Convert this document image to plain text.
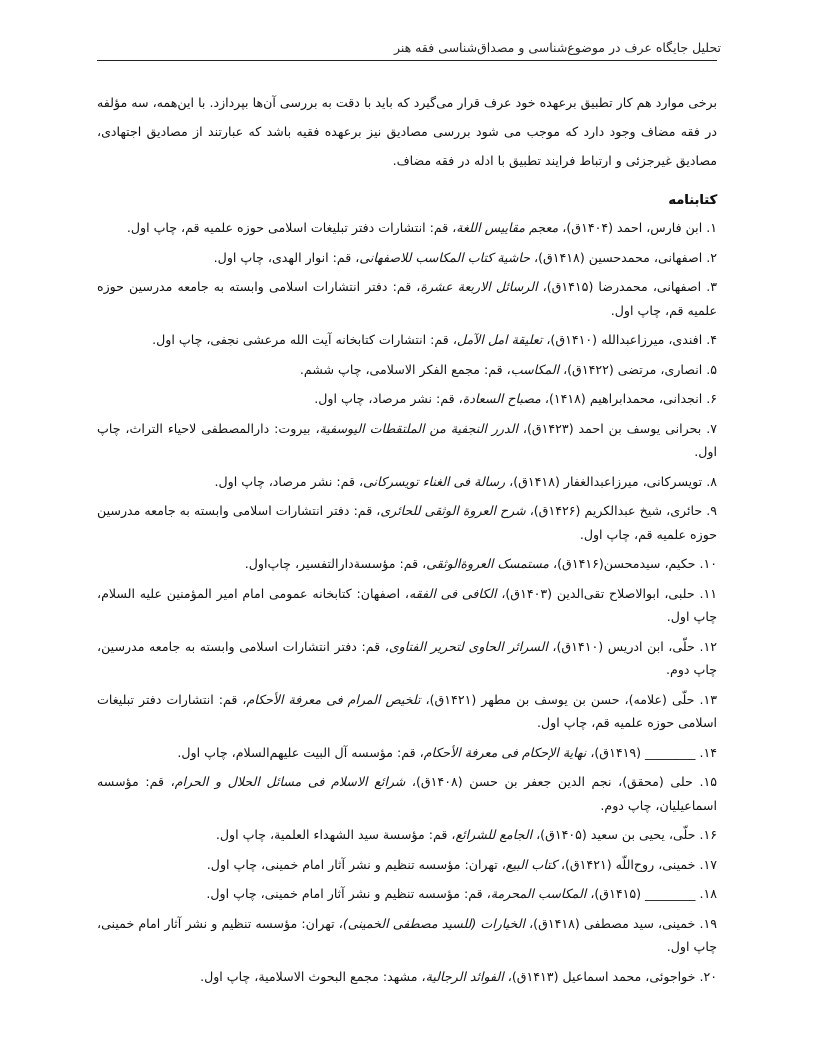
تحلیل جایگاه عرف در موضوع‌شناسی و مصداق‌شناسی فقه هنر

برخی موارد هم کار تطبیق برعهده خود عرف قرار می‌گیرد که باید با دقت به بررسی آن‌ها بپردازد. با این‌همه، سه مؤلفه در فقه مضاف وجود دارد که موجب می شود بررسی مصادیق نیز برعهده فقیه باشد که عبارتند از مصادیق اجتهادی، مصادیق غیرجزئی و ارتباط فرایند تطبیق با ادله در فقه مضاف.

کتابنامه
۱. ابن فارس، احمد (۱۴۰۴ق)، معجم مقاییس اللغة، قم: انتشارات دفتر تبلیغات اسلامی حوزه علمیه قم، چاپ اول.
۲. اصفهانی، محمدحسین (۱۴۱۸ق)، حاشیة کتاب المکاسب للاصفهانی، قم: انوار الهدی، چاپ اول.
۳. اصفهانی، محمدرضا (۱۴۱۵ق)، الرسائل الاربعة عشرة، قم: دفتر انتشارات اسلامی وابسته به جامعه مدرسین حوزه علمیه قم، چاپ اول.
۴. افندی، میرزاعبدالله (۱۴۱۰ق)، تعلیقة امل الآمل، قم: انتشارات کتابخانه آیت الله مرعشی نجفی، چاپ اول.
۵. انصاری، مرتضی (۱۴۲۲ق)، المکاسب، قم: مجمع الفکر الاسلامی، چاپ ششم.
۶. انجدانی، محمدابراهیم (۱۴۱۸)، مصباح السعادة، قم: نشر مرصاد، چاپ اول.
۷. بحرانی یوسف بن احمد (۱۴۲۳ق)، الدرر النجفیة من الملتقطات الیوسفیة، بیروت: دارالمصطفی لاحیاء التراث، چاپ اول.
۸. تویسرکانی، میرزاعبدالغفار (۱۴۱۸ق)، رسالة فی الغناء تویسرکانی، قم: نشر مرصاد، چاپ اول.
۹. حائری، شیخ عبدالکریم (۱۴۲۶ق)، شرح العروة الوثقی للحائری، قم: دفتر انتشارات اسلامی وابسته به جامعه مدرسین حوزه علمیه قم، چاپ اول.
۱۰. حکیم، سیدمحسن(۱۴۱۶ق)، مستمسک العروةالوثقی، قم: مؤسسةدارالتفسیر، چاپ‌اول.
۱۱. حلبی، ابوالاصلاح تقی‌الدین (۱۴۰۳ق)، الکافی فی الفقه، اصفهان: کتابخانه عمومی امام امیر المؤمنین علیه السلام، چاپ اول.
۱۲. حلّی، ابن ادریس (۱۴۱۰ق)، السرائر الحاوی لتحریر الفتاوی، قم: دفتر انتشارات اسلامی وابسته به جامعه مدرسین، چاپ دوم.
۱۳. حلّی (علامه)، حسن بن یوسف بن مطهر (۱۴۲۱ق)، تلخیص المرام فی معرفة الأحکام، قم: انتشارات دفتر تبلیغات اسلامی حوزه علمیه قم، چاپ اول.
۱۴. ________ (۱۴۱۹ق)، نهایة الإحکام فی معرفة الأحکام، قم: مؤسسه آل البیت علیهم‌السلام، چاپ اول.
۱۵. حلی (محقق)، نجم الدین جعفر بن حسن (۱۴۰۸ق)، شرائع الاسلام فی مسائل الحلال و الحرام، قم: مؤسسه اسماعیلیان، چاپ دوم.
۱۶. حلّی، یحیی بن سعید (۱۴۰۵ق)، الجامع للشرائع، قم: مؤسسة سید الشهداء العلمیة، چاپ اول.
۱۷. خمینی، روح‌اللّه (۱۴۲۱ق)، کتاب البیع، تهران: مؤسسه تنظیم و نشر آثار امام خمینی، چاپ اول.
۱۸. ________ (۱۴۱۵ق)، المکاسب المحرمة، قم: مؤسسه تنظیم و نشر آثار امام خمینی، چاپ اول.
۱۹. خمینی، سید مصطفی (۱۴۱۸ق)، الخیارات (للسید مصطفی الخمینی)، تهران: مؤسسه تنظیم و نشر آثار امام خمینی، چاپ اول.
۲۰. خواجوئی، محمد اسماعیل (۱۴۱۳ق)، الفوائد الرجالیة، مشهد: مجمع البحوث الاسلامیة، چاپ اول.
